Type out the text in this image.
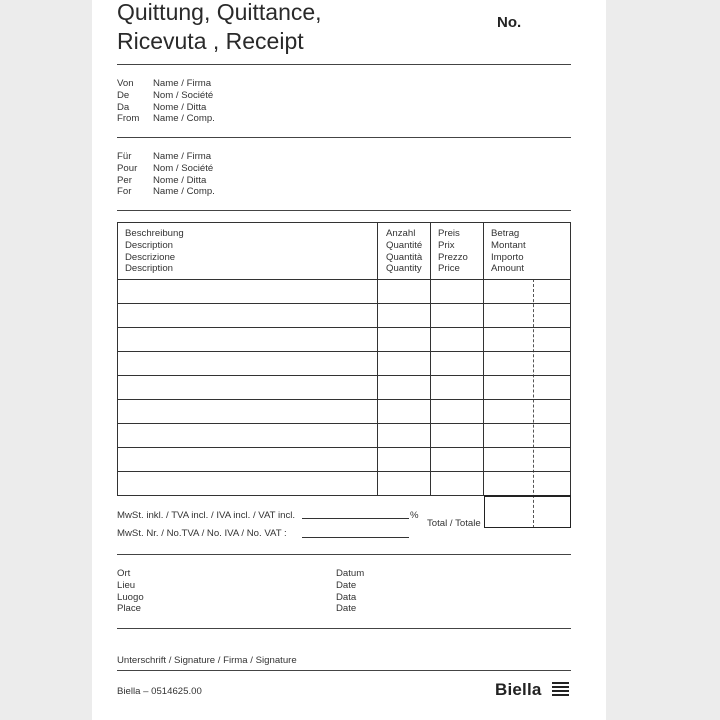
Quittung, Quittance,
Ricevuta , Receipt
No.
Von
De
Da
From
Name / Firma
Nom / Société
Nome / Ditta
Name / Comp.
Für
Pour
Per
For
Name / Firma
Nom / Société
Nome / Ditta
Name / Comp.
Beschreibung
Description
Descrizione
Description
Anzahl
Quantité
Quantità
Quantity
Preis
Prix
Prezzo
Price
Betrag
Montant
Importo
Amount
Total / Totale
MwSt. inkl. / TVA incl. / IVA incl. / VAT incl.	%
MwSt. Nr. / No.TVA / No. IVA / No. VAT :
Ort
Lieu
Luogo
Place
Datum
Date
Data
Date
Unterschrift / Signature / Firma / Signature
Biella – 0514625.00	Biella
